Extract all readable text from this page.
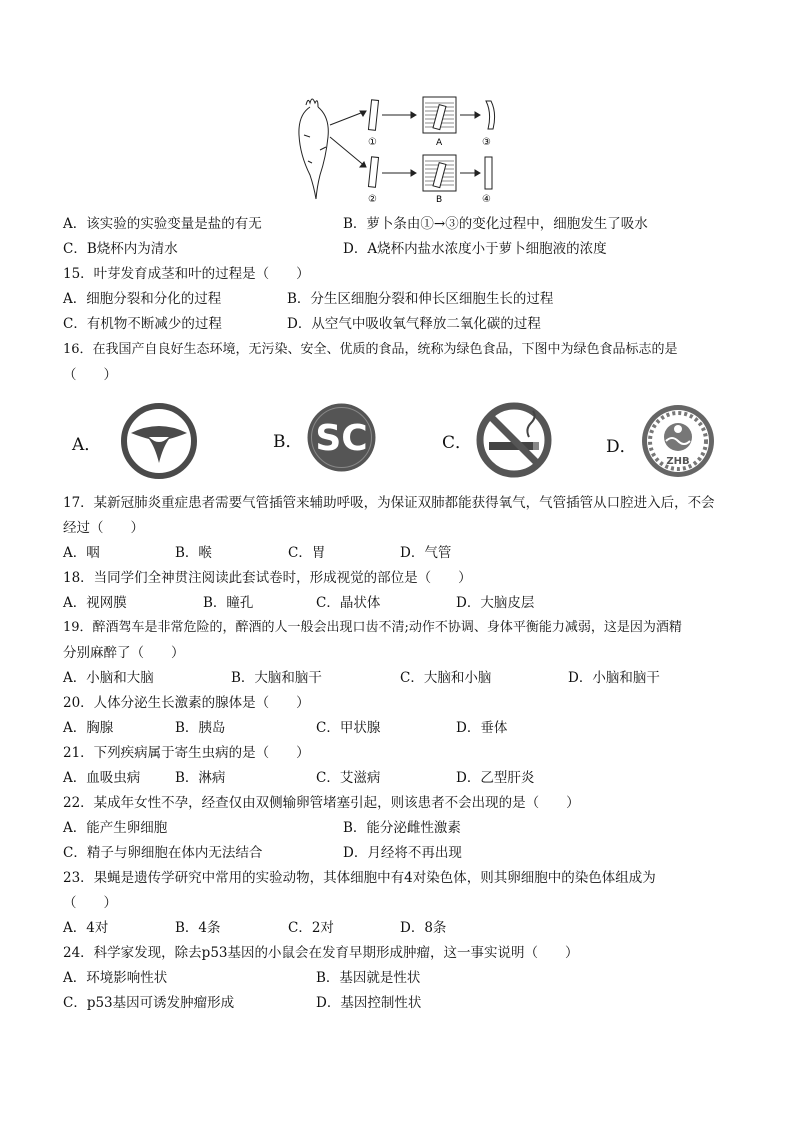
①
②
A
B
③
④
A．该实验的实验变量是盐的有无	B．萝卜条由①→③的变化过程中，细胞发生了吸水
C．B烧杯内为清水	D．A烧杯内盐水浓度小于萝卜细胞液的浓度
15．叶芽发育成茎和叶的过程是（　　）
A．细胞分裂和分化的过程	B．分生区细胞分裂和伸长区细胞生长的过程
C．有机物不断减少的过程	D．从空气中吸收氧气释放二氧化碳的过程
16．在我国产自良好生态环境，无污染、安全、优质的食品，统称为绿色食品，下图中为绿色食品标志的是
（　　）
A．	B． SC	C．	D．
ZHB
17．某新冠肺炎重症患者需要气管插管来辅助呼吸，为保证双肺都能获得氧气，气管插管从口腔进入后，不会
经过（　　）
A．咽	B．喉	C．胃	D．气管
18．当同学们全神贯注阅读此套试卷时，形成视觉的部位是（　　）
A．视网膜	B．瞳孔	C．晶状体	D．大脑皮层
19．醉酒驾车是非常危险的，醉酒的人一般会出现口齿不清;动作不协调、身体平衡能力减弱，这是因为酒精
分别麻醉了（　　）
A．小脑和大脑	B．大脑和脑干	C．大脑和小脑	D．小脑和脑干
20．人体分泌生长激素的腺体是（　　）
A．胸腺	B．胰岛	C．甲状腺	D．垂体
21．下列疾病属于寄生虫病的是（　　）
A．血吸虫病	B．淋病	C．艾滋病	D．乙型肝炎
22．某成年女性不孕，经查仅由双侧输卵管堵塞引起，则该患者不会出现的是（　　）
A．能产生卵细胞	B．能分泌雌性激素
C．精子与卵细胞在体内无法结合	D．月经将不再出现
23．果蝇是遗传学研究中常用的实验动物，其体细胞中有4对染色体，则其卵细胞中的染色体组成为
（　　）
A．4对	B．4条	C．2对	D．8条
24．科学家发现，除去p53基因的小鼠会在发育早期形成肿瘤，这一事实说明（　　）
A．环境影响性状	B．基因就是性状
C．p53基因可诱发肿瘤形成	D．基因控制性状
